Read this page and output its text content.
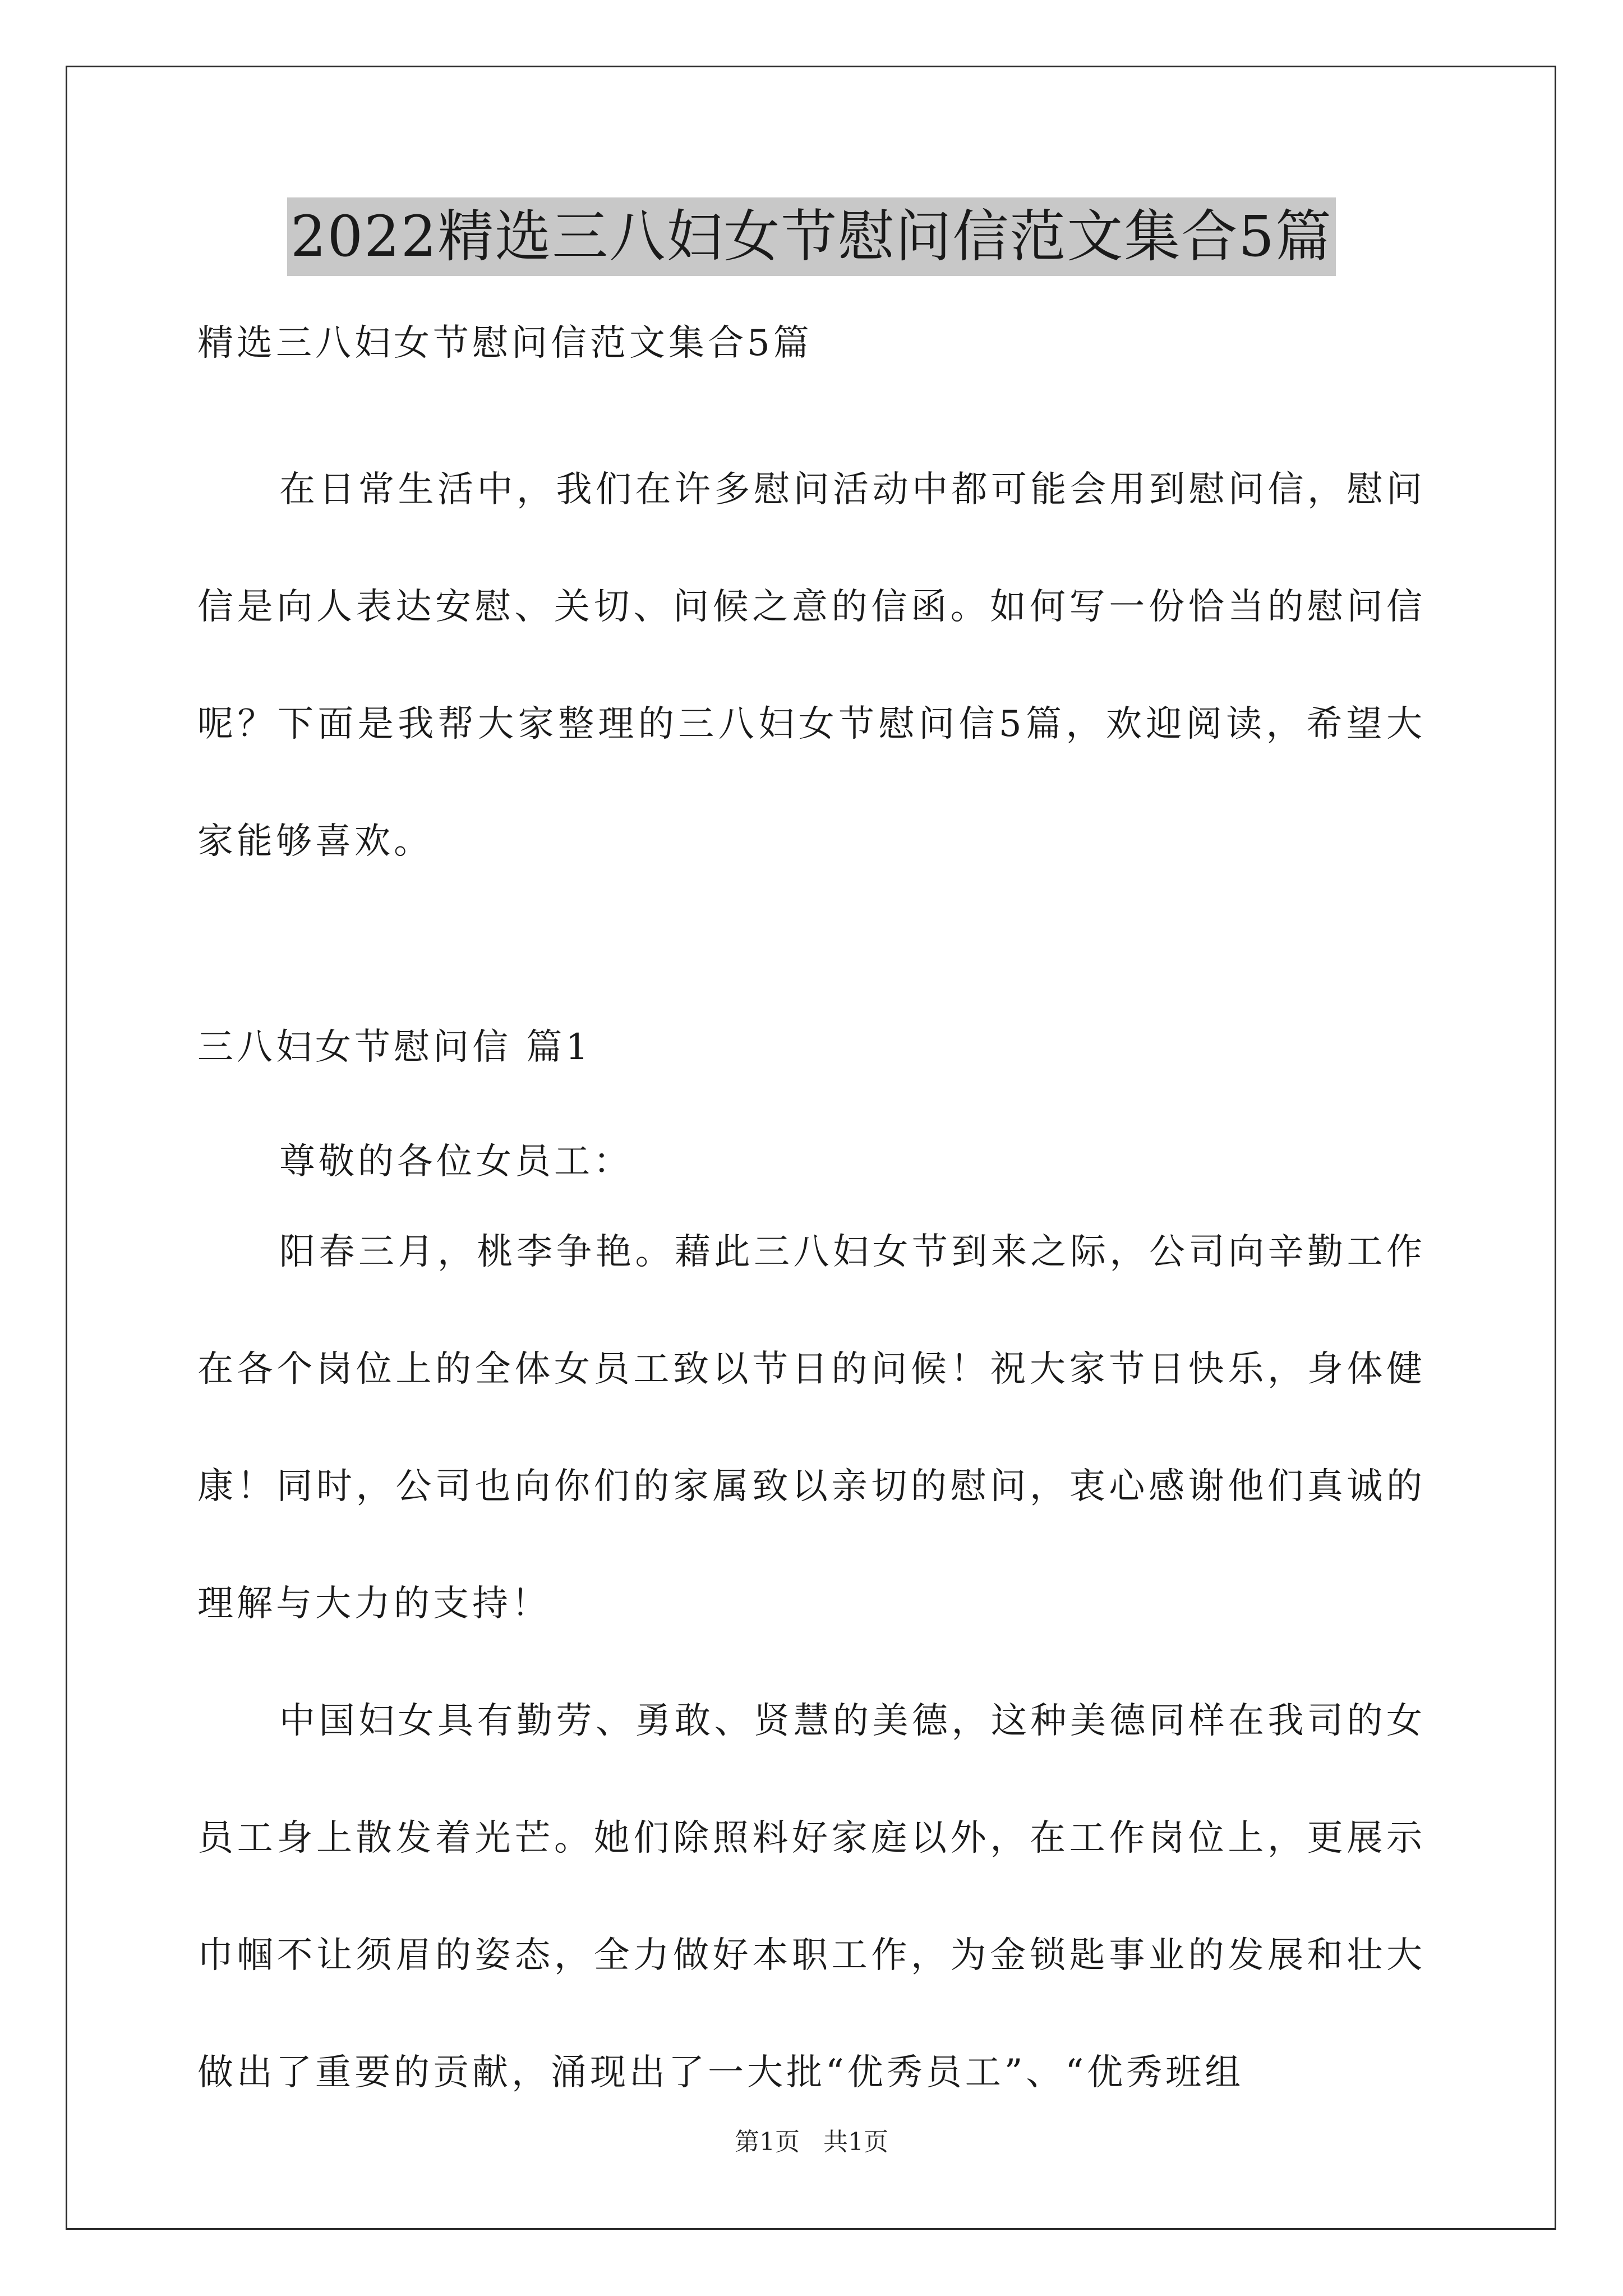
2022精选三八妇女节慰问信范文集合5篇
精选三八妇女节慰问信范文集合5篇
在日常生活中，我们在许多慰问活动中都可能会用到慰问信，慰问信是向人表达安慰、关切、问候之意的信函。如何写一份恰当的慰问信呢？下面是我帮大家整理的三八妇女节慰问信5篇，欢迎阅读，希望大家能够喜欢。
三八妇女节慰问信 篇1
尊敬的各位女员工：
阳春三月，桃李争艳。藉此三八妇女节到来之际，公司向辛勤工作在各个岗位上的全体女员工致以节日的问候！祝大家节日快乐，身体健康！同时，公司也向你们的家属致以亲切的慰问，衷心感谢他们真诚的理解与大力的支持！
中国妇女具有勤劳、勇敢、贤慧的美德，这种美德同样在我司的女员工身上散发着光芒。她们除照料好家庭以外，在工作岗位上，更展示巾帼不让须眉的姿态，全力做好本职工作，为金锁匙事业的发展和壮大做出了重要的贡献，涌现出了一大批“优秀员工”、“优秀班组
第1页 共1页
